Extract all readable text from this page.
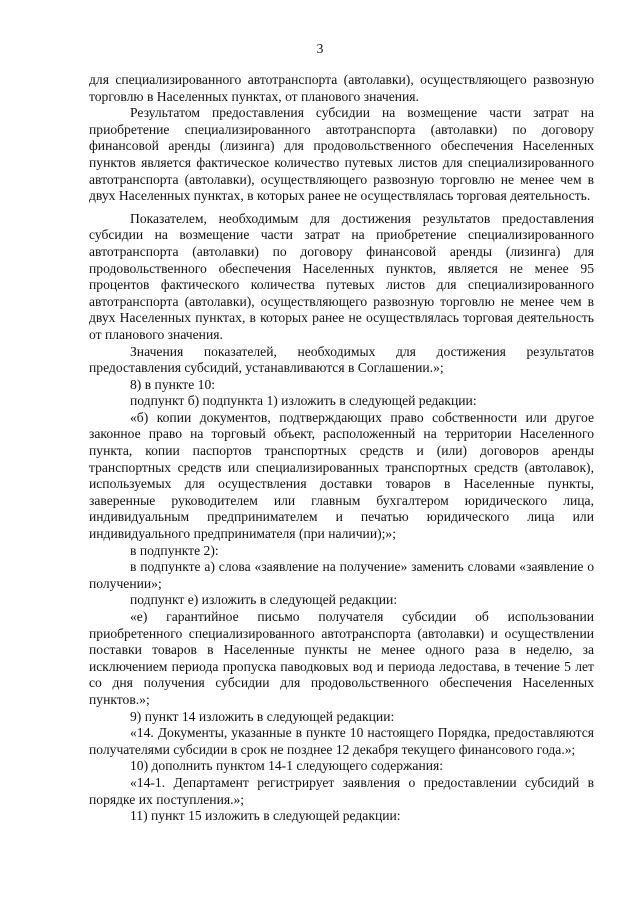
3

для специализированного автотранспорта (автолавки), осуществляющего развозную торговлю в Населенных пунктах, от планового значения.

Результатом предоставления субсидии на возмещение части затрат на приобретение специализированного автотранспорта (автолавки) по договору финансовой аренды (лизинга) для продовольственного обеспечения Населенных пунктов является фактическое количество путевых листов для специализированного автотранспорта (автолавки), осуществляющего развозную торговлю не менее чем в двух Населенных пунктах, в которых ранее не осуществлялась торговая деятельность.

Показателем, необходимым для достижения результатов предоставления субсидии на возмещение части затрат на приобретение специализированного автотранспорта (автолавки) по договору финансовой аренды (лизинга) для продовольственного обеспечения Населенных пунктов, является не менее 95 процентов фактического количества путевых листов для специализированного автотранспорта (автолавки), осуществляющего развозную торговлю не менее чем в двух Населенных пунктах, в которых ранее не осуществлялась торговая деятельность от планового значения.

Значения показателей, необходимых для достижения результатов предоставления субсидий, устанавливаются в Соглашении.»;

8) в пункте 10:

подпункт б) подпункта 1) изложить в следующей редакции:

«б) копии документов, подтверждающих право собственности или другое законное право на торговый объект, расположенный на территории Населенного пункта, копии паспортов транспортных средств и (или) договоров аренды транспортных средств или специализированных транспортных средств (автолавок), используемых для осуществления доставки товаров в Населенные пункты, заверенные руководителем или главным бухгалтером юридического лица, индивидуальным предпринимателем и печатью юридического лица или индивидуального предпринимателя (при наличии);»;

в подпункте 2):

в подпункте а) слова «заявление на получение» заменить словами «заявление о получении»;

подпункт е) изложить в следующей редакции:

«е) гарантийное письмо получателя субсидии об использовании приобретенного специализированного автотранспорта (автолавки) и осуществлении поставки товаров в Населенные пункты не менее одного раза в неделю, за исключением периода пропуска паводковых вод и периода ледостава, в течение 5 лет со дня получения субсидии для продовольственного обеспечения Населенных пунктов.»;

9) пункт 14 изложить в следующей редакции:

«14. Документы, указанные в пункте 10 настоящего Порядка, предоставляются получателями субсидии в срок не позднее 12 декабря текущего финансового года.»;

10) дополнить пунктом 14-1 следующего содержания:

«14-1. Департамент регистрирует заявления о предоставлении субсидий в порядке их поступления.»;

11) пункт 15 изложить в следующей редакции:
